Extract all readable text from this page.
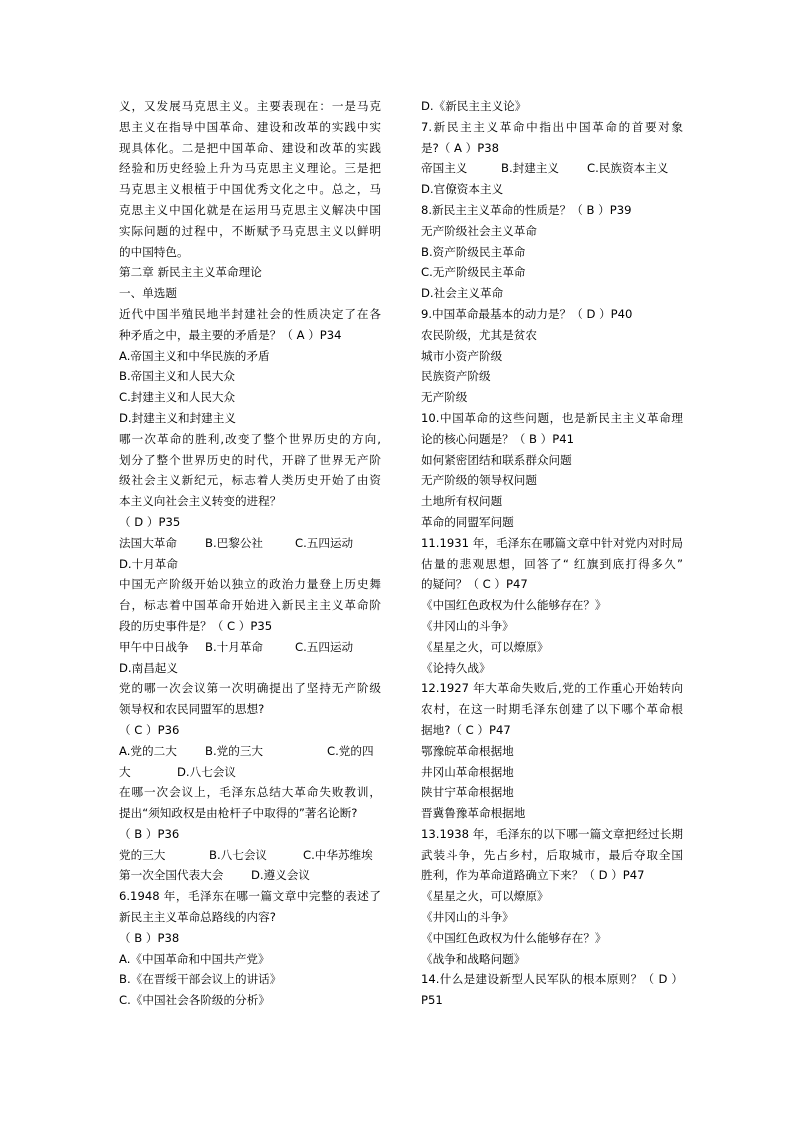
义，又发展马克思主义。主要表现在：一是马克
思主义在指导中国革命、建设和改革的实践中实
现具体化。二是把中国革命、建设和改革的实践
经验和历史经验上升为马克思主义理论。三是把
马克思主义根植于中国优秀文化之中。总之，马
克思主义中国化就是在运用马克思主义解决中国
实际问题的过程中，不断赋予马克思主义以鲜明
的中国特色。
第二章 新民主主义革命理论
一、单选题
近代中国半殖民地半封建社会的性质决定了在各
种矛盾之中，最主要的矛盾是？（ A ）P34
A.帝国主义和中华民族的矛盾
B.帝国主义和人民大众
C.封建主义和人民大众
D.封建主义和封建主义
哪一次革命的胜利,改变了整个世界历史的方向,
划分了整个世界历史的时代，开辟了世界无产阶
级社会主义新纪元，标志着人类历史开始了由资
本主义向社会主义转变的进程？
（ D ）P35
法国大革命	B.巴黎公社	C.五四运动
D.十月革命
中国无产阶级开始以独立的政治力量登上历史舞
台，标志着中国革命开始进入新民主主义革命阶
段的历史事件是？（ C ）P35
甲午中日战争	B.十月革命	C.五四运动
D.南昌起义
党的哪一次会议第一次明确提出了坚持无产阶级
领导权和农民同盟军的思想?
（ C ）P36
A.党的二大	B.党的三大	C.党的四
大	D.八七会议
在哪一次会议上，毛泽东总结大革命失败教训，
提出“须知政权是由枪杆子中取得的”著名论断?
（ B ）P36
党的三大	B.八七会议	C.中华苏维埃
第一次全国代表大会	D.遵义会议
6.1948 年，毛泽东在哪一篇文章中完整的表述了
新民主主义革命总路线的内容?
（ B ）P38
A.《中国革命和中国共产党》
B.《在晋绥干部会议上的讲话》
C.《中国社会各阶级的分析》
D.《新民主主义论》
7.新民主主义革命中指出中国革命的首要对象
是?（ A ）P38
帝国主义	B.封建主义	C.民族资本主义
D.官僚资本主义
8.新民主主义革命的性质是？（ B ）P39
无产阶级社会主义革命
B.资产阶级民主革命
C.无产阶级民主革命
D.社会主义革命
9.中国革命最基本的动力是？（ D ）P40
农民阶级，尤其是贫农
城市小资产阶级
民族资产阶级
无产阶级
10.中国革命的这些问题，也是新民主主义革命理
论的核心问题是？（ B ）P41
如何紧密团结和联系群众问题
无产阶级的领导权问题
土地所有权问题
革命的同盟军问题
11.1931 年，毛泽东在哪篇文章中针对党内对时局
估量的悲观思想，回答了“ 红旗到底打得多久”
的疑问？（ C ）P47
《中国红色政权为什么能够存在？》
《井冈山的斗争》
《星星之火，可以燎原》
《论持久战》
12.1927 年大革命失败后,党的工作重心开始转向
农村，在这一时期毛泽东创建了以下哪个革命根
据地?（ C ）P47
鄂豫皖革命根据地
井冈山革命根据地
陕甘宁革命根据地
晋冀鲁豫革命根据地
13.1938 年，毛泽东的以下哪一篇文章把经过长期
武装斗争，先占乡村，后取城市，最后夺取全国
胜利，作为革命道路确立下来？（ D ）P47
《星星之火，可以燎原》
《井冈山的斗争》
《中国红色政权为什么能够存在？》
《战争和战略问题》
14.什么是建设新型人民军队的根本原则？（ D ）
P51
